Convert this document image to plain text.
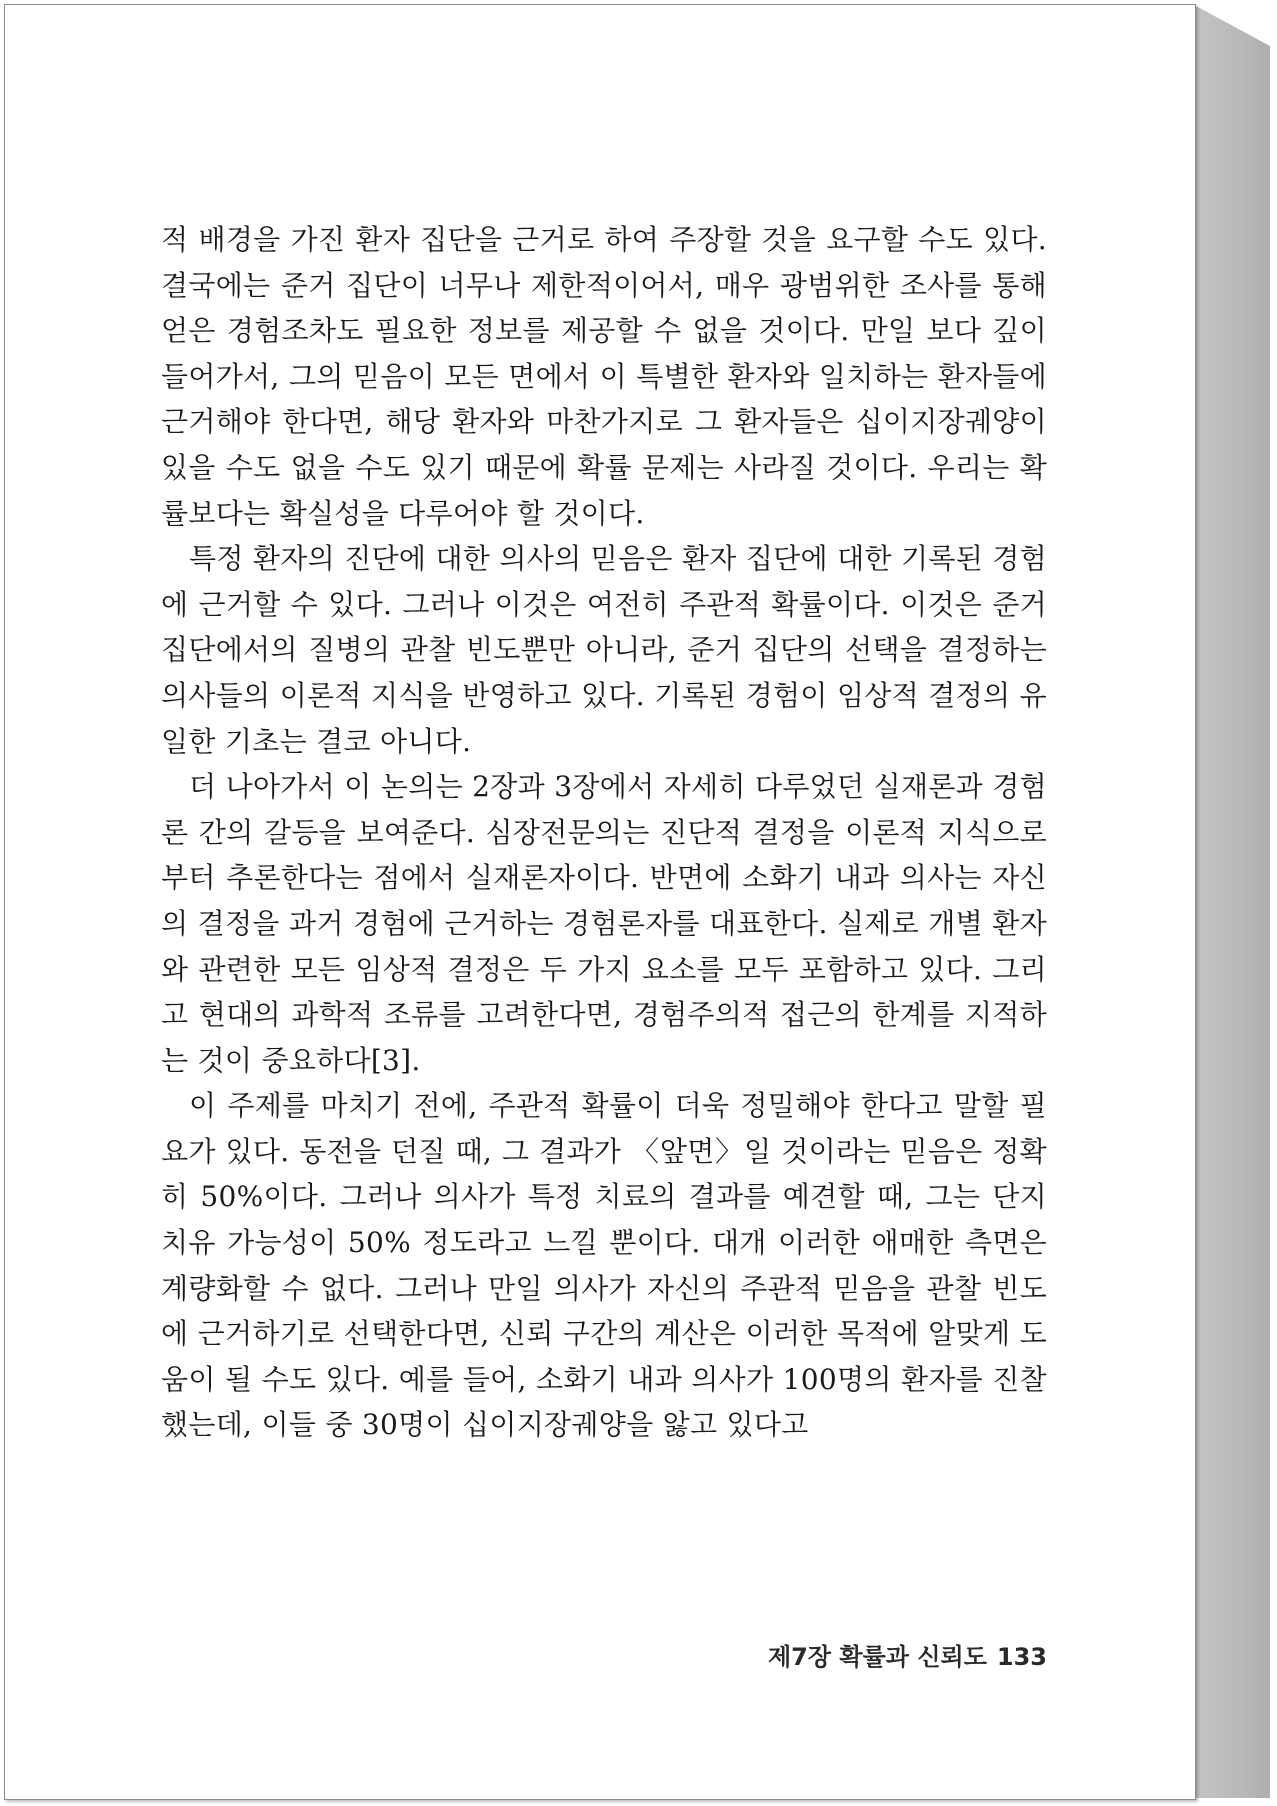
적 배경을 가진 환자 집단을 근거로 하여 주장할 것을 요구할 수도 있다. 결국에는 준거 집단이 너무나 제한적이어서, 매우 광범위한 조사를 통해 얻은 경험조차도 필요한 정보를 제공할 수 없을 것이다. 만일 보다 깊이 들어가서, 그의 믿음이 모든 면에서 이 특별한 환자와 일치하는 환자들에 근거해야 한다면, 해당 환자와 마찬가지로 그 환자들은 십이지장궤양이 있을 수도 없을 수도 있기 때문에 확률 문제는 사라질 것이다. 우리는 확률보다는 확실성을 다루어야 할 것이다.

특정 환자의 진단에 대한 의사의 믿음은 환자 집단에 대한 기록된 경험에 근거할 수 있다. 그러나 이것은 여전히 주관적 확률이다. 이것은 준거 집단에서의 질병의 관찰 빈도뿐만 아니라, 준거 집단의 선택을 결정하는 의사들의 이론적 지식을 반영하고 있다. 기록된 경험이 임상적 결정의 유일한 기초는 결코 아니다.

더 나아가서 이 논의는 2장과 3장에서 자세히 다루었던 실재론과 경험론 간의 갈등을 보여준다. 심장전문의는 진단적 결정을 이론적 지식으로부터 추론한다는 점에서 실재론자이다. 반면에 소화기 내과 의사는 자신의 결정을 과거 경험에 근거하는 경험론자를 대표한다. 실제로 개별 환자와 관련한 모든 임상적 결정은 두 가지 요소를 모두 포함하고 있다. 그리고 현대의 과학적 조류를 고려한다면, 경험주의적 접근의 한계를 지적하는 것이 중요하다[3].

이 주제를 마치기 전에, 주관적 확률이 더욱 정밀해야 한다고 말할 필요가 있다. 동전을 던질 때, 그 결과가 〈앞면〉일 것이라는 믿음은 정확히 50%이다. 그러나 의사가 특정 치료의 결과를 예견할 때, 그는 단지 치유 가능성이 50% 정도라고 느낄 뿐이다. 대개 이러한 애매한 측면은 계량화할 수 없다. 그러나 만일 의사가 자신의 주관적 믿음을 관찰 빈도에 근거하기로 선택한다면, 신뢰 구간의 계산은 이러한 목적에 알맞게 도움이 될 수도 있다. 예를 들어, 소화기 내과 의사가 100명의 환자를 진찰했는데, 이들 중 30명이 십이지장궤양을 앓고 있다고

제7장 확률과 신뢰도 133
